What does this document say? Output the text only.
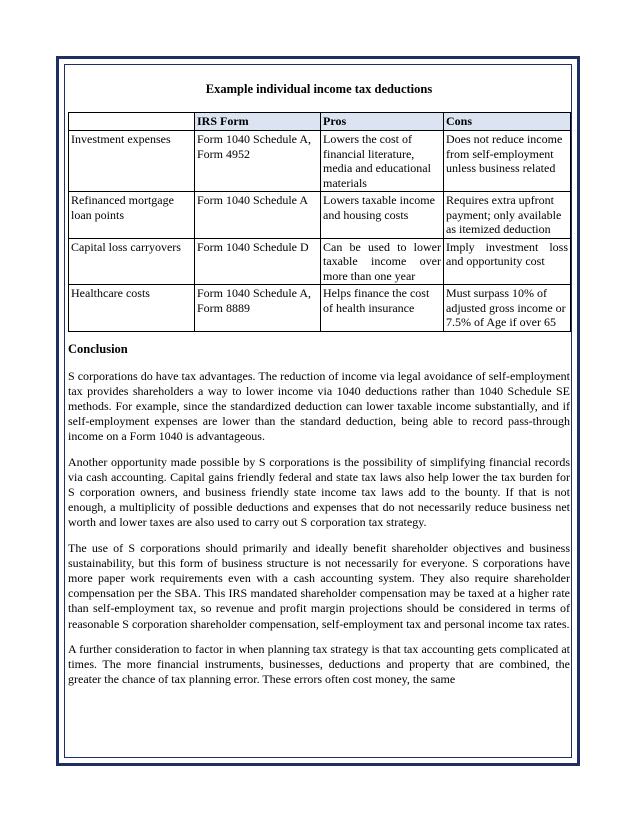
Example individual income tax deductions
	IRS Form	Pros	Cons
Investment expenses	Form 1040 Schedule A, Form 4952	Lowers the cost of financial literature, media and educational materials	Does not reduce income from self-employment unless business related
Refinanced mortgage loan points	Form 1040 Schedule A	Lowers taxable income and housing costs	Requires extra upfront payment; only available as itemized deduction
Capital loss carryovers	Form 1040 Schedule D	Can be used to lower taxable income over more than one year	Imply investment loss and opportunity cost
Healthcare costs	Form 1040 Schedule A, Form 8889	Helps finance the cost of health insurance	Must surpass 10% of adjusted gross income or 7.5% of Age if over 65
Conclusion

S corporations do have tax advantages. The reduction of income via legal avoidance of self-employment tax provides shareholders a way to lower income via 1040 deductions rather than 1040 Schedule SE methods. For example, since the standardized deduction can lower taxable income substantially, and if self-employment expenses are lower than the standard deduction, being able to record pass-through income on a Form 1040 is advantageous.

Another opportunity made possible by S corporations is the possibility of simplifying financial records via cash accounting. Capital gains friendly federal and state tax laws also help lower the tax burden for S corporation owners, and business friendly state income tax laws add to the bounty. If that is not enough, a multiplicity of possible deductions and expenses that do not necessarily reduce business net worth and lower taxes are also used to carry out S corporation tax strategy.

The use of S corporations should primarily and ideally benefit shareholder objectives and business sustainability, but this form of business structure is not necessarily for everyone. S corporations have more paper work requirements even with a cash accounting system. They also require shareholder compensation per the SBA. This IRS mandated shareholder compensation may be taxed at a higher rate than self-employment tax, so revenue and profit margin projections should be considered in terms of reasonable S corporation shareholder compensation, self-employment tax and personal income tax rates.

A further consideration to factor in when planning tax strategy is that tax accounting gets complicated at times. The more financial instruments, businesses, deductions and property that are combined, the greater the chance of tax planning error. These errors often cost money, the same
